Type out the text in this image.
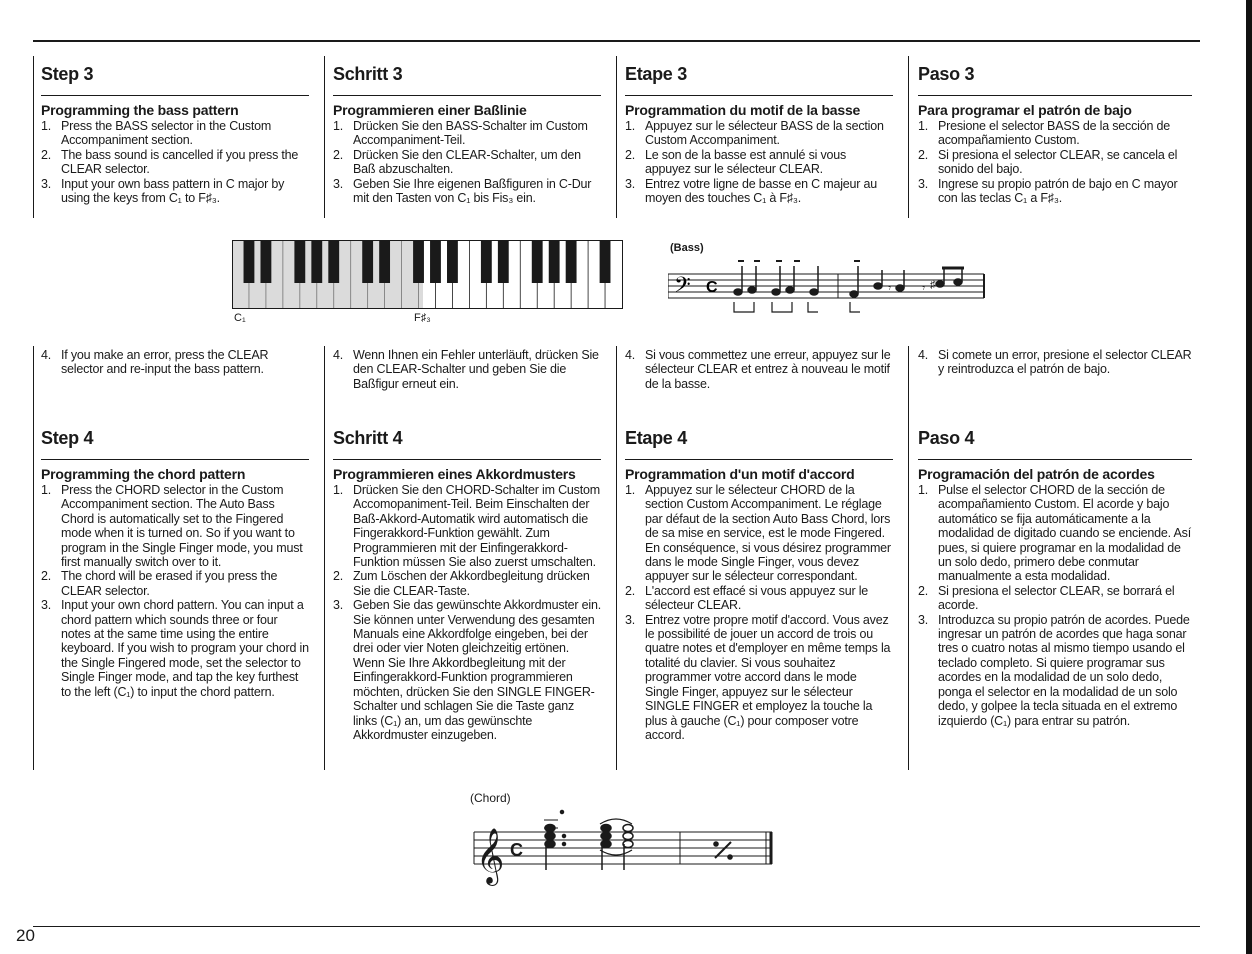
20
Step 3
Programming the bass pattern
1. Press the BASS selector in the Custom Accompaniment section.
2. The bass sound is cancelled if you press the CLEAR selector.
3. Input your own bass pattern in C major by using the keys from C₁ to F♯₃.
Schritt 3
Programmieren einer Baßlinie
1. Drücken Sie den BASS-Schalter im Custom Accompaniment-Teil.
2. Drücken Sie den CLEAR-Schalter, um den Baß abzuschalten.
3. Geben Sie Ihre eigenen Baßfiguren in C-Dur mit den Tasten von C₁ bis Fis₃ ein.
Etape 3
Programmation du motif de la basse
1. Appuyez sur le sélecteur BASS de la section Custom Accompaniment.
2. Le son de la basse est annulé si vous appuyez sur le sélecteur CLEAR.
3. Entrez votre ligne de basse en C majeur au moyen des touches C₁ à F♯₃.
Paso 3
Para programar el patrón de bajo
1. Presione el selector BASS de la sección de acompañamiento Custom.
2. Si presiona el selector CLEAR, se cancela el sonido del bajo.
3. Ingrese su propio patrón de bajo en C mayor con las teclas C₁ a F♯₃.
C₁	F♯₃
(Bass)
𝄢 C	𝄾	𝄾 ♯
4. If you make an error, press the CLEAR selector and re-input the bass pattern.
4. Wenn Ihnen ein Fehler unterläuft, drücken Sie den CLEAR-Schalter und geben Sie die Baßfigur erneut ein.
4. Si vous commettez une erreur, appuyez sur le sélecteur CLEAR et entrez à nouveau le motif de la basse.
4. Si comete un error, presione el selector CLEAR y reintroduzca el patrón de bajo.
Step 4
Programming the chord pattern
1. Press the CHORD selector in the Custom Accompaniment section. The Auto Bass Chord is automatically set to the Fingered mode when it is turned on. So if you want to program in the Single Finger mode, you must first manually switch over to it.
2. The chord will be erased if you press the CLEAR selector.
3. Input your own chord pattern. You can input a chord pattern which sounds three or four notes at the same time using the entire keyboard. If you wish to program your chord in the Single Fingered mode, set the selector to Single Finger mode, and tap the key furthest to the left (C₁) to input the chord pattern.
Schritt 4
Programmieren eines Akkordmusters
1. Drücken Sie den CHORD-Schalter im Custom Accomopaniment-Teil. Beim Einschalten der Baß-Akkord-Automatik wird automatisch die Fingerakkord-Funktion gewählt. Zum Programmieren mit der Einfingerakkord-Funktion müssen Sie also zuerst umschalten.
2. Zum Löschen der Akkordbegleitung drücken Sie die CLEAR-Taste.
3. Geben Sie das gewünschte Akkordmuster ein. Sie können unter Verwendung des gesamten Manuals eine Akkordfolge eingeben, bei der drei oder vier Noten gleichzeitig ertönen. Wenn Sie Ihre Akkordbegleitung mit der Einfingerakkord-Funktion programmieren möchten, drücken Sie den SINGLE FINGER-Schalter und schlagen Sie die Taste ganz links (C₁) an, um das gewünschte Akkordmuster einzugeben.
Etape 4
Programmation d'un motif d'accord
1. Appuyez sur le sélecteur CHORD de la section Custom Accompaniment. Le réglage par défaut de la section Auto Bass Chord, lors de sa mise en service, est le mode Fingered. En conséquence, si vous désirez programmer dans le mode Single Finger, vous devez appuyer sur le sélecteur correspondant.
2. L'accord est effacé si vous appuyez sur le sélecteur CLEAR.
3. Entrez votre propre motif d'accord. Vous avez le possibilité de jouer un accord de trois ou quatre notes et d'employer en même temps la totalité du clavier. Si vous souhaitez programmer votre accord dans le mode Single Finger, appuyez sur le sélecteur SINGLE FINGER et employez la touche la plus à gauche (C₁) pour composer votre accord.
Paso 4
Programación del patrón de acordes
1. Pulse el selector CHORD de la sección de acompañamiento Custom. El acorde y bajo automático se fija automáticamente a la modalidad de digitado cuando se enciende. Así pues, si quiere programar en la modalidad de un solo dedo, primero debe conmutar manualmente a esta modalidad.
2. Si presiona el selector CLEAR, se borrará el acorde.
3. Introduzca su propio patrón de acordes. Puede ingresar un patrón de acordes que haga sonar tres o cuatro notas al mismo tiempo usando el teclado completo. Si quiere programar sus acordes en la modalidad de un solo dedo, ponga el selector en la modalidad de un solo dedo, y golpee la tecla situada en el extremo izquierdo (C₁) para entrar su patrón.
(Chord)
𝄞 C
